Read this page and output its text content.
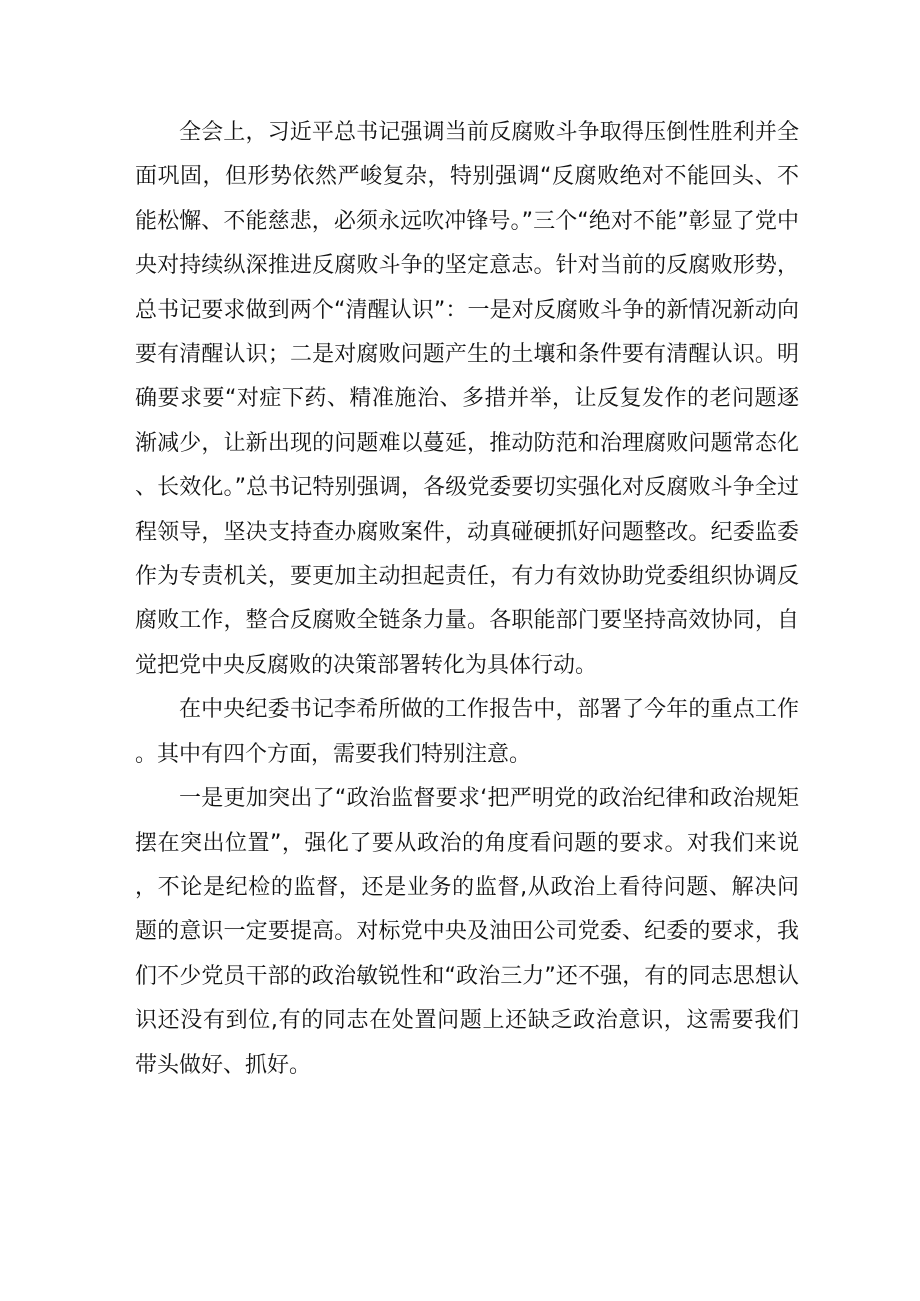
全会上，习近平总书记强调当前反腐败斗争取得压倒性胜利并全面巩固，但形势依然严峻复杂，特别强调“反腐败绝对不能回头、不能松懈、不能慈悲，必须永远吹冲锋号。”三个“绝对不能”彰显了党中央对持续纵深推进反腐败斗争的坚定意志。针对当前的反腐败形势，总书记要求做到两个“清醒认识”：一是对反腐败斗争的新情况新动向要有清醒认识；二是对腐败问题产生的土壤和条件要有清醒认识。明确要求要“对症下药、精准施治、多措并举，让反复发作的老问题逐渐减少，让新出现的问题难以蔓延，推动防范和治理腐败问题常态化、长效化。”总书记特别强调，各级党委要切实强化对反腐败斗争全过程领导，坚决支持查办腐败案件，动真碰硬抓好问题整改。纪委监委作为专责机关，要更加主动担起责任，有力有效协助党委组织协调反腐败工作，整合反腐败全链条力量。各职能部门要坚持高效协同，自觉把党中央反腐败的决策部署转化为具体行动。

在中央纪委书记李希所做的工作报告中，部署了今年的重点工作。其中有四个方面，需要我们特别注意。

一是更加突出了“政治监督要求‘把严明党的政治纪律和政治规矩摆在突出位置”，强化了要从政治的角度看问题的要求。对我们来说，不论是纪检的监督，还是业务的监督,从政治上看待问题、解决问题的意识一定要提高。对标党中央及油田公司党委、纪委的要求，我们不少党员干部的政治敏锐性和“政治三力”还不强，有的同志思想认识还没有到位,有的同志在处置问题上还缺乏政治意识，这需要我们带头做好、抓好。
